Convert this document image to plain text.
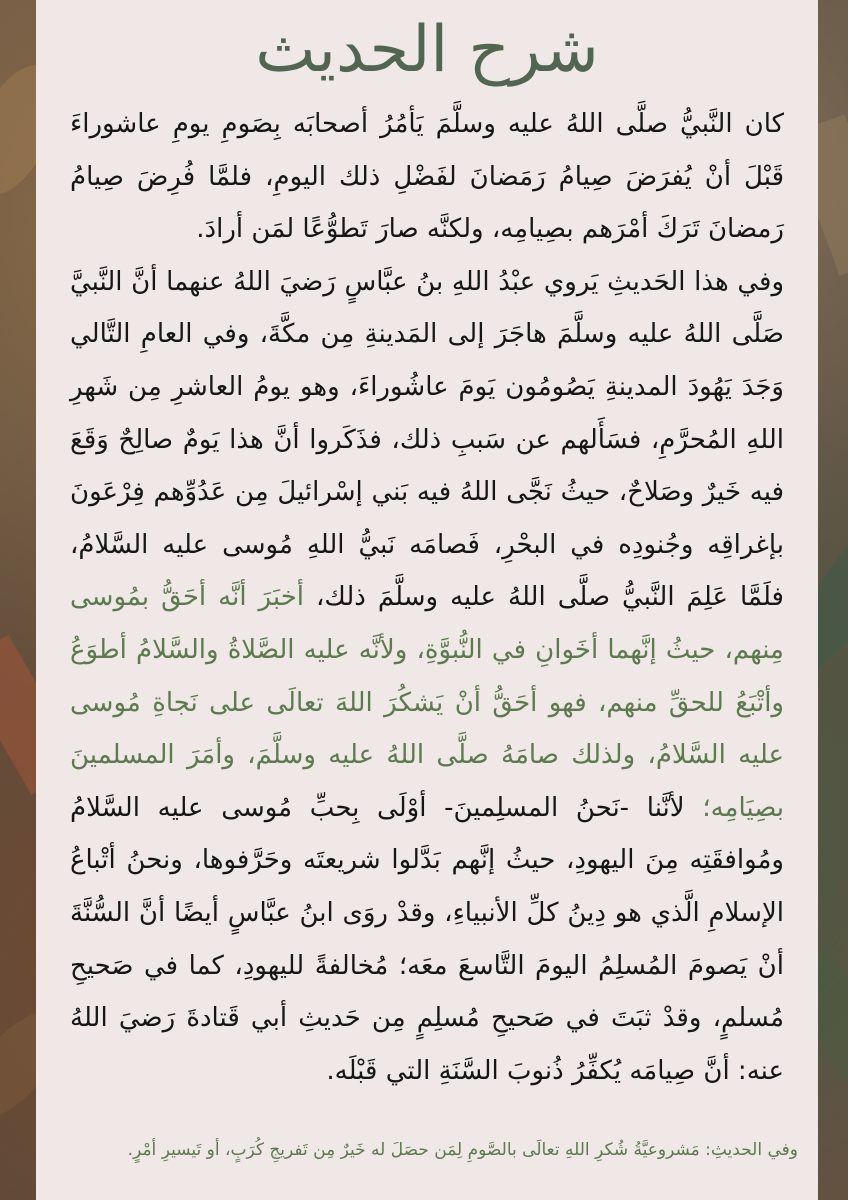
شرح الحديث

كان النَّبيُّ صلَّى اللهُ عليه وسلَّمَ يَأمُرُ أصحابَه بِصَومِ يومِ عاشوراءَ قَبْلَ أنْ يُفرَضَ صِيامُ رَمَضانَ لفَضْلِ ذلك اليومِ، فلمَّا فُرِضَ صِيامُ رَمضانَ تَرَكَ أمْرَهم بصِيامِه، ولكنَّه صارَ تَطوُّعًا لمَن أرادَ.

وفي هذا الحَديثِ يَروي عبْدُ اللهِ بنُ عبَّاسٍ رَضيَ اللهُ عنهما أنَّ النَّبيَّ صَلَّى اللهُ عليه وسلَّمَ هاجَرَ إلى المَدينةِ مِن مكَّةَ، وفي العامِ التَّالي وَجَدَ يَهُودَ المدينةِ يَصُومُون يَومَ عاشُوراءَ، وهو يومُ العاشرِ مِن شَهرِ اللهِ المُحرَّمِ، فسَأَلهم عن سَببِ ذلك، فذَكَروا أنَّ هذا يَومٌ صالِحٌ وَقَعَ فيه خَيرٌ وصَلاحٌ، حيثُ نَجَّى اللهُ فيه بَني إسْرائيلَ مِن عَدُوِّهم فِرْعَونَ بإغراقِه وجُنودِه في البحْرِ، فَصامَه نَبيُّ اللهِ مُوسى عليه السَّلامُ، فلَمَّا عَلِمَ النَّبيُّ صلَّى اللهُ عليه وسلَّمَ ذلك، أخبَرَ أنَّه أحَقُّ بمُوسى مِنهم، حيثُ إنَّهما أخَوانِ في النُّبوَّةِ، ولأنَّه عليه الصَّلاةُ والسَّلامُ أطوَعُ وأتْبَعُ للحقِّ منهم، فهو أحَقُّ أنْ يَشكُرَ اللهَ تعالَى على نَجاةِ مُوسى عليه السَّلامُ، ولذلك صامَهُ صلَّى اللهُ عليه وسلَّمَ، وأمَرَ المسلمينَ بصِيَامِه؛ لأنَّنا -نَحنُ المسلِمينَ- أوْلَى بِحبِّ مُوسى عليه السَّلامُ ومُوافقَتِه مِنَ اليهودِ، حيثُ إنَّهم بَدَّلوا شريعتَه وحَرَّفوها، ونحنُ أتْباعُ الإسلامِ الَّذي هو دِينُ كلِّ الأنبياءِ، وقدْ روَى ابنُ عبَّاسٍ أيضًا أنَّ السُّنَّةَ أنْ يَصومَ المُسلِمُ اليومَ التَّاسعَ معَه؛ مُخالفةً لليهودِ، كما في صَحيحِ مُسلمٍ، وقدْ ثبَتَ في صَحيحِ مُسلِمٍ مِن حَديثِ أبي قَتادةَ رَضيَ اللهُ عنه: أنَّ صِيامَه يُكفِّرُ ذُنوبَ السَّنَةِ التي قَبْلَه.

وفي الحديثِ: مَشروعيَّةُ شُكرِ اللهِ تعالَى بالصَّومِ لِمَن حصَلَ له خَيرٌ مِن تَفريجِ كُرَبٍ، أو تَيسيرِ أمْرٍ.
